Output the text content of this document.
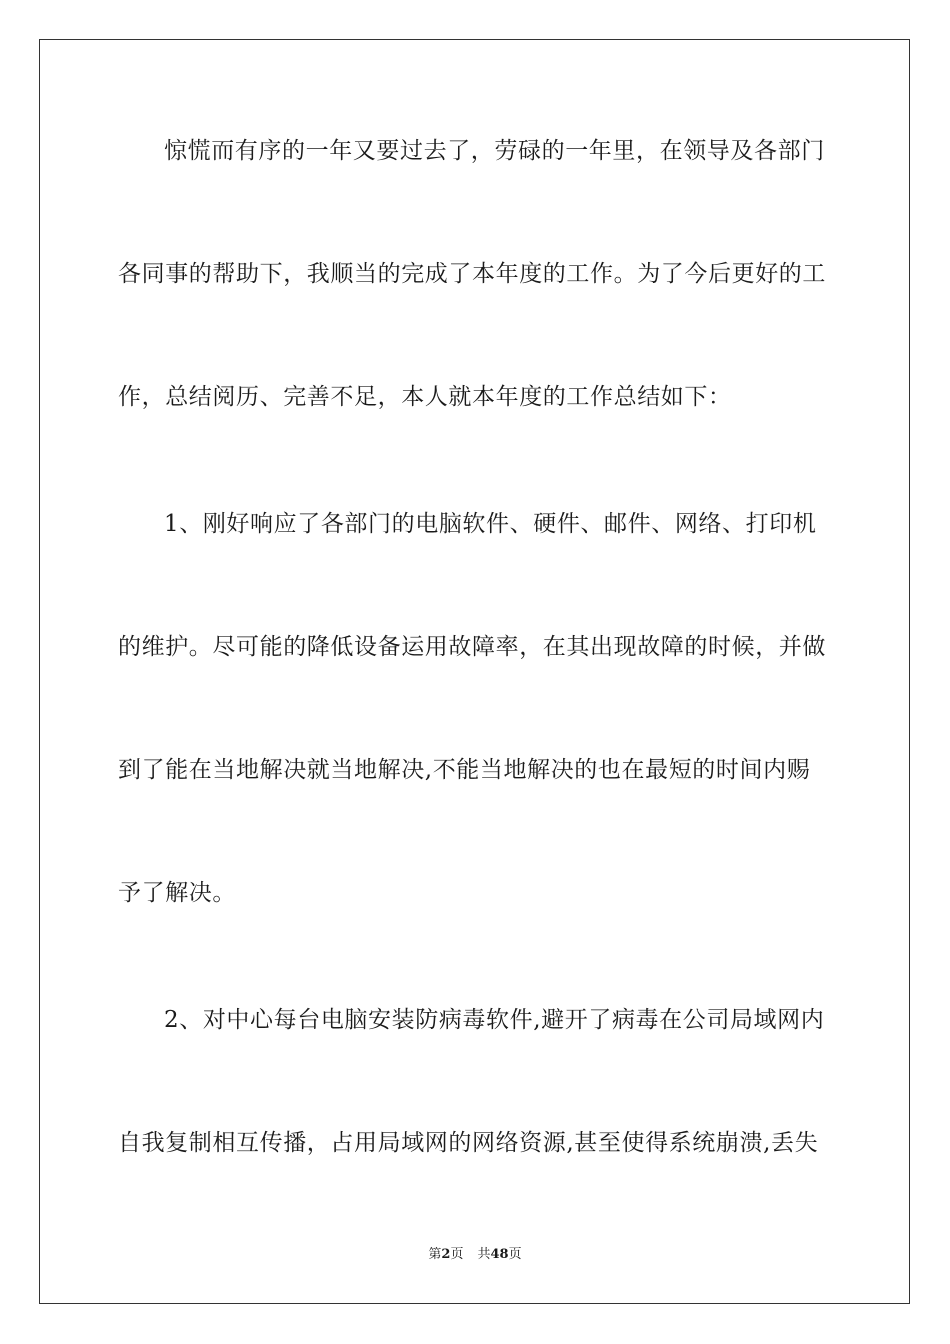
惊慌而有序的一年又要过去了，劳碌的一年里，在领导及各部门
各同事的帮助下，我顺当的完成了本年度的工作。为了今后更好的工
作，总结阅历、完善不足，本人就本年度的工作总结如下：
1、刚好响应了各部门的电脑软件、硬件、邮件、网络、打印机
的维护。尽可能的降低设备运用故障率，在其出现故障的时候，并做
到了能在当地解决就当地解决,不能当地解决的也在最短的时间内赐
予了解决。
2、对中心每台电脑安装防病毒软件,避开了病毒在公司局域网内
自我复制相互传播，占用局域网的网络资源,甚至使得系统崩溃,丢失
第2页 共48页
